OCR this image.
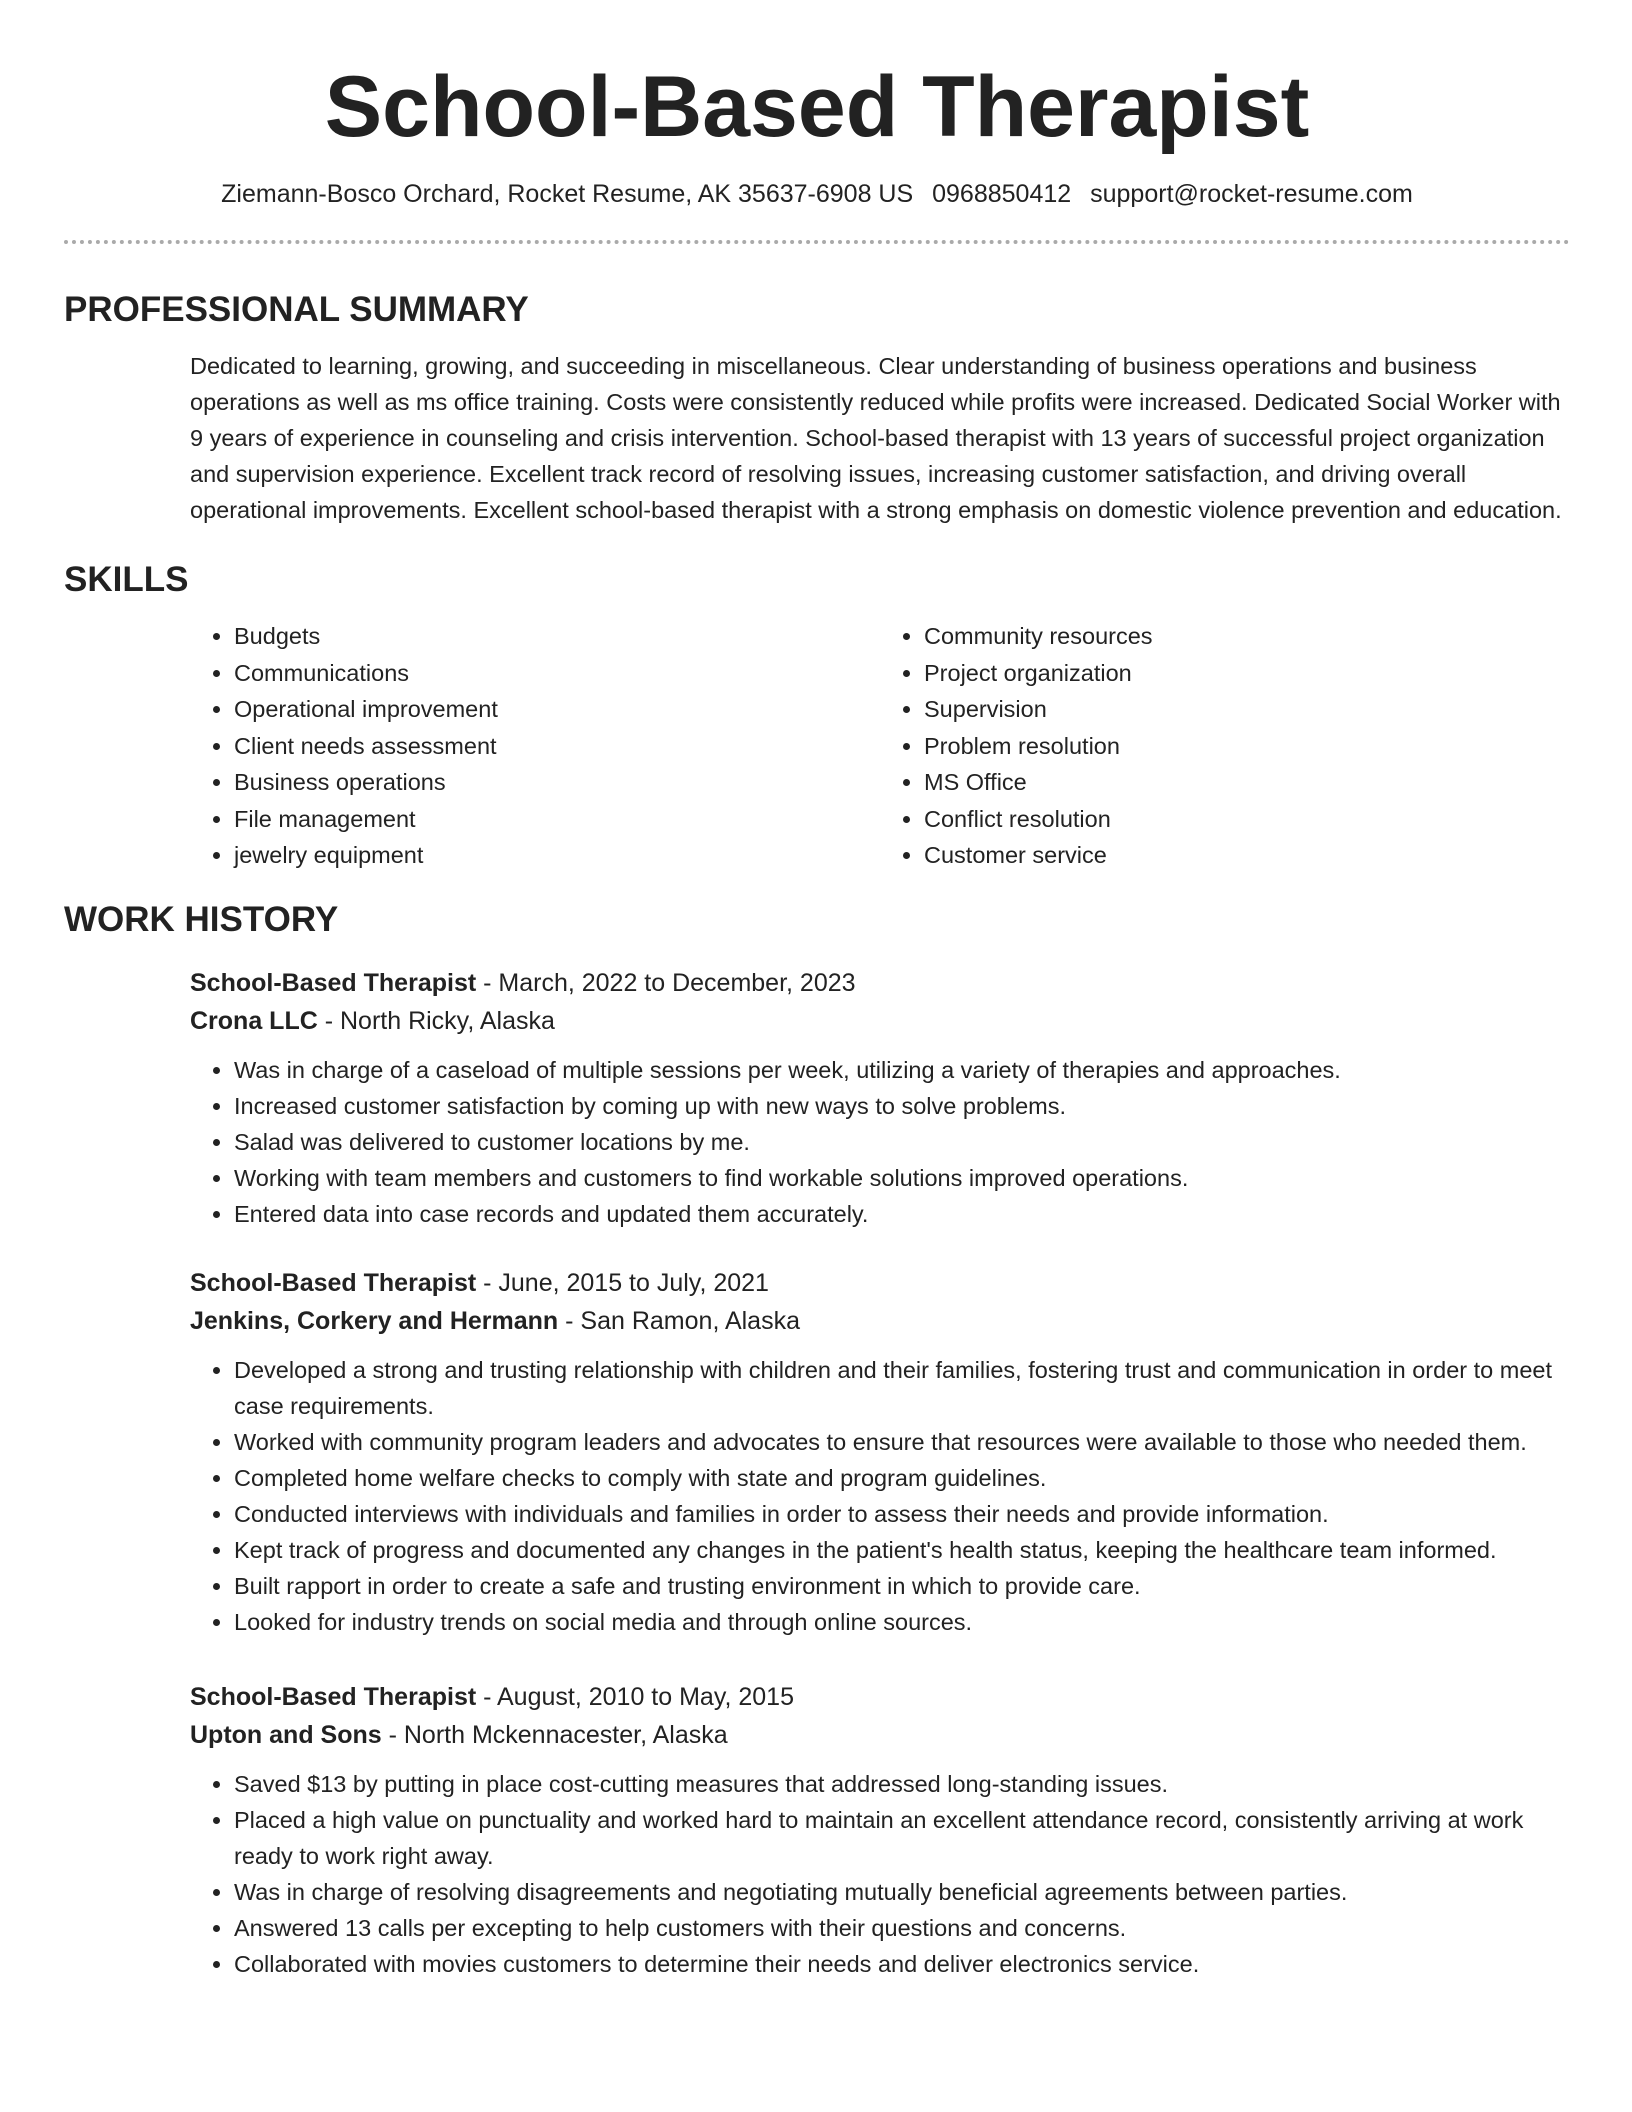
School-Based Therapist
Ziemann-Bosco Orchard, Rocket Resume, AK 35637-6908 US 0968850412 support@rocket-resume.com
PROFESSIONAL SUMMARY
Dedicated to learning, growing, and succeeding in miscellaneous. Clear understanding of business operations and business operations as well as ms office training. Costs were consistently reduced while profits were increased. Dedicated Social Worker with 9 years of experience in counseling and crisis intervention. School-based therapist with 13 years of successful project organization and supervision experience. Excellent track record of resolving issues, increasing customer satisfaction, and driving overall operational improvements. Excellent school-based therapist with a strong emphasis on domestic violence prevention and education.
SKILLS
• Budgets
• Communications
• Operational improvement
• Client needs assessment
• Business operations
• File management
• jewelry equipment
• Community resources
• Project organization
• Supervision
• Problem resolution
• MS Office
• Conflict resolution
• Customer service
WORK HISTORY
School-Based Therapist - March, 2022 to December, 2023
Crona LLC - North Ricky, Alaska
• Was in charge of a caseload of multiple sessions per week, utilizing a variety of therapies and approaches.
• Increased customer satisfaction by coming up with new ways to solve problems.
• Salad was delivered to customer locations by me.
• Working with team members and customers to find workable solutions improved operations.
• Entered data into case records and updated them accurately.
School-Based Therapist - June, 2015 to July, 2021
Jenkins, Corkery and Hermann - San Ramon, Alaska
• Developed a strong and trusting relationship with children and their families, fostering trust and communication in order to meet case requirements.
• Worked with community program leaders and advocates to ensure that resources were available to those who needed them.
• Completed home welfare checks to comply with state and program guidelines.
• Conducted interviews with individuals and families in order to assess their needs and provide information.
• Kept track of progress and documented any changes in the patient's health status, keeping the healthcare team informed.
• Built rapport in order to create a safe and trusting environment in which to provide care.
• Looked for industry trends on social media and through online sources.
School-Based Therapist - August, 2010 to May, 2015
Upton and Sons - North Mckennacester, Alaska
• Saved $13 by putting in place cost-cutting measures that addressed long-standing issues.
• Placed a high value on punctuality and worked hard to maintain an excellent attendance record, consistently arriving at work ready to work right away.
• Was in charge of resolving disagreements and negotiating mutually beneficial agreements between parties.
• Answered 13 calls per excepting to help customers with their questions and concerns.
• Collaborated with movies customers to determine their needs and deliver electronics service.
